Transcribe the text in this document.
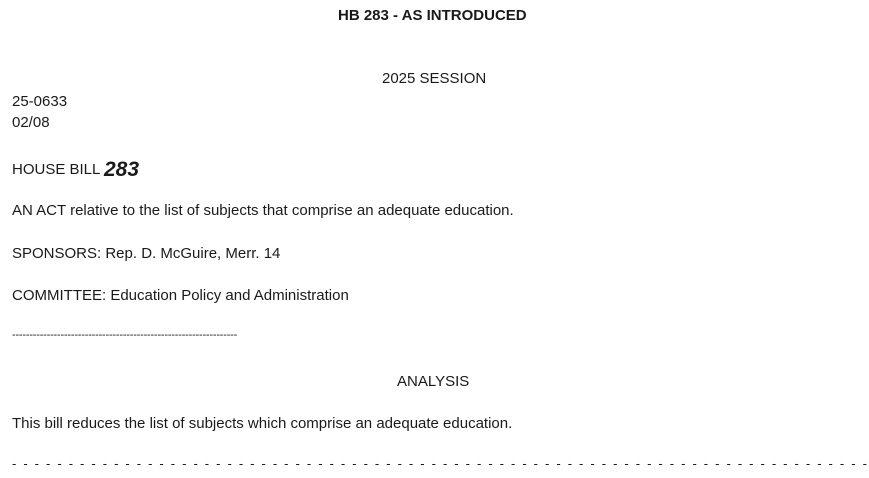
HB 283 - AS INTRODUCED
2025 SESSION
25-0633
02/08
HOUSE BILL 283
AN ACT relative to the list of subjects that comprise an adequate education.
SPONSORS: Rep. D. McGuire, Merr. 14
COMMITTEE: Education Policy and Administration
-----------------------------------------------------------------
ANALYSIS
This bill reduces the list of subjects which comprise an adequate education.
- - - - - - - - - - - - - - - - - - - - - - - - - - - - - - - - - - - - - - - - - - - - - - - - - - - - - - - - - - - - - - - - - - - - - - - - - - - -
